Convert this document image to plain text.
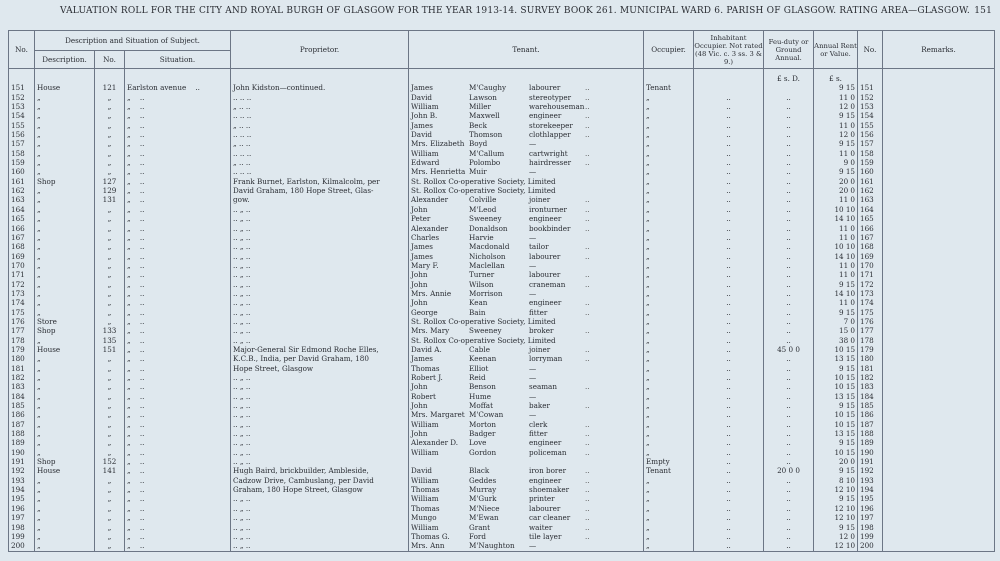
VALUATION ROLL FOR THE CITY AND ROYAL BURGH OF GLASGOW FOR THE YEAR 1913-14. SURVEY BOOK 261. MUNICIPAL WARD 6. PARISH OF GLASGOW. RATING AREA—GLASGOW. 151
No.	Description and Situation of Subject.			Proprietor.	Tenant.	Occupier.	Inhabitant Occupier. Not rated (48 Vic. c. 3 ss. 3 & 9.)	Feu-duty or Ground Annual.	Annual Rent or Value.	No.	Remarks.
	Description.	No.	Situation.								
								£ s. D.	£ s.		
151	House	121	Earlston avenue ..	John Kidston—continued.	James M'Caughy labourer ..	Tenant			9 15	151	
152	„	„	„ ..	.. .. ..	David Lawson stereotyper ..	„	..	..	11 0	152	
153	„	„	„ ..	„ .. ..	William Miller warehouseman ..	„	..	..	12 0	153	
154	„	„	„ ..	.. .. ..	John B. Maxwell engineer ..	„	..	..	9 15	154	
155	„	„	„ ..	„ .. ..	James Beck storekeeper ..	„	..	..	11 0	155	
156	„	„	„ ..	.. .. ..	David Thomson clothlapper ..	„	..	..	12 0	156	
157	„	„	„ ..	„ .. ..	Mrs. Elizabeth Boyd —	„	..	..	9 15	157	
158	„	„	„ ..	.. .. ..	William M'Callum cartwright ..	„	..	..	11 0	158	
159	„	„	„ ..	„ .. ..	Edward Polombo hairdresser ..	„	..	..	9 0	159	
160	„	„	„ ..	.. .. ..	Mrs. Henrietta Muir —	„	..	..	9 15	160	
161	Shop	127	„ ..	Frank Burnet, Earlston, Kilmalcolm, per	St. Rollox Co-operative Society, Limited	„	..	..	20 0	161	
162	„	129	„ ..	David Graham, 180 Hope Street, Glas-	St. Rollox Co-operative Society, Limited	„	..	..	20 0	162	
163	„	131	„ ..	gow.	Alexander Colville joiner ..	„	..	..	11 0	163	
164	„	„	„ ..	.. „ ..	John M'Leod ironturner ..	„	..	..	10 10	164	
165	„	„	„ ..	.. „ ..	Peter Sweeney engineer ..	„	..	..	14 10	165	
166	„	„	„ ..	.. „ ..	Alexander Donaldson bookbinder ..	„	..	..	11 0	166	
167	„	„	„ ..	.. „ ..	Charles Harvie —	„	..	..	11 0	167	
168	„	„	„ ..	.. „ ..	James Macdonald tailor ..	„	..	..	10 10	168	
169	„	„	„ ..	.. „ ..	James Nicholson labourer ..	„	..	..	14 10	169	
170	„	„	„ ..	.. „ ..	Mary F. Maclellan —	„	..	..	11 0	170	
171	„	„	„ ..	.. „ ..	John Turner labourer ..	„	..	..	11 0	171	
172	„	„	„ ..	.. „ ..	John Wilson craneman ..	„	..	..	9 15	172	
173	„	„	„ ..	.. „ ..	Mrs. Annie Morrison —	„	..	..	14 10	173	
174	„	„	„ ..	.. „ ..	John Kean engineer ..	„	..	..	11 0	174	
175	„	„	„ ..	.. „ ..	George Bain fitter ..	„	..	..	9 15	175	
176	Store	„	„ ..	.. „ ..	St. Rollox Co-operative Society, Limited	„	..	..	7 0	176	
177	Shop	133	„ ..	.. „ ..	Mrs. Mary Sweeney broker ..	„	..	..	15 0	177	
178	„	135	„ ..	.. „ ..	St. Rollox Co-operative Society, Limited	„	..	..	38 0	178	
179	House	151	„ ..	Major-General Sir Edmond Roche Elles,	David A. Cable joiner ..	„	..	45 0 0	10 15	179	
180	„	„	„ ..	K.C.B., India, per David Graham, 180	James Keenan lorryman ..	„	..	..	13 15	180	
181	„	„	„ ..	Hope Street, Glasgow	Thomas Elliot —	„	..	..	9 15	181	
182	„	„	„ ..	.. „ ..	Robert J. Reid —	„	..	..	10 15	182	
183	„	„	„ ..	.. „ ..	John Benson seaman ..	„	..	..	10 15	183	
184	„	„	„ ..	.. „ ..	Robert Hume —	„	..	..	13 15	184	
185	„	„	„ ..	.. „ ..	John Moffat baker ..	„	..	..	9 15	185	
186	„	„	„ ..	.. „ ..	Mrs. Margaret M'Cowan —	„	..	..	10 15	186	
187	„	„	„ ..	.. „ ..	William Morton clerk ..	„	..	..	10 15	187	
188	„	„	„ ..	.. „ ..	John Badger fitter ..	„	..	..	13 15	188	
189	„	„	„ ..	.. „ ..	Alexander D. Love engineer ..	„	..	..	9 15	189	
190	„	„	„ ..	.. „ ..	William Gordon policeman ..	„	..	..	10 15	190	
191	Shop	152	„ ..	.. „ ..		Empty	..	..	20 0	191	
192	House	141	„ ..	Hugh Baird, brickbuilder, Ambleside,	David Black iron borer ..	Tenant	..	20 0 0	9 15	192	
193	„	„	„ ..	Cadzow Drive, Cambuslang, per David	William Geddes engineer ..	„	..	..	8 10	193	
194	„	„	„ ..	Graham, 180 Hope Street, Glasgow	Thomas Murray shoemaker ..	„	..	..	12 10	194	
195	„	„	„ ..	.. „ ..	William M'Gurk printer ..	„	..	..	9 15	195	
196	„	„	„ ..	.. „ ..	Thomas M'Niece labourer ..	„	..	..	12 10	196	
197	„	„	„ ..	.. „ ..	Mungo M'Ewan car cleaner ..	„	..	..	12 10	197	
198	„	„	„ ..	.. „ ..	William Grant waiter ..	„	..	..	9 15	198	
199	„	„	„ ..	.. „ ..	Thomas G. Ford tile layer ..	„	..	..	12 0	199	
200	„	„	„ ..	.. „ ..	Mrs. Ann M'Naughton —	„	..	..	12 10	200	
